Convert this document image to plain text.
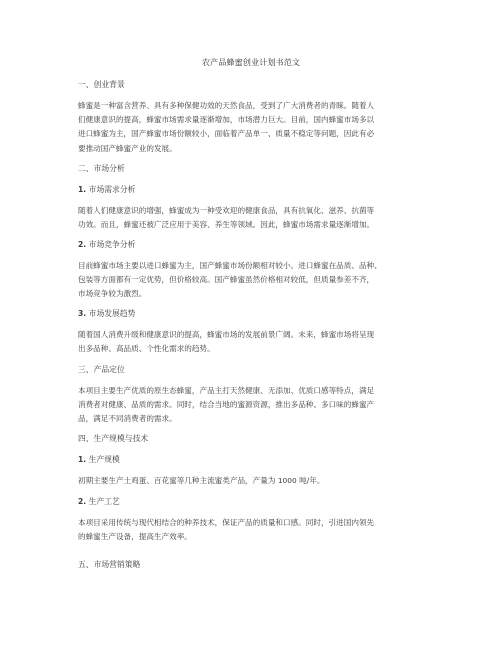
农产品蜂蜜创业计划书范文
一、创业背景
蜂蜜是一种富含营养、具有多种保健功效的天然食品，受到了广大消费者的青睐。随着人
们健康意识的提高，蜂蜜市场需求量逐渐增加，市场潜力巨大。目前，国内蜂蜜市场多以
进口蜂蜜为主，国产蜂蜜市场份额较小，面临着产品单一、质量不稳定等问题，因此有必
要推动国产蜂蜜产业的发展。
二、市场分析
1. 市场需求分析
随着人们健康意识的增强，蜂蜜成为一种受欢迎的健康食品，具有抗氧化、滋养、抗菌等
功效。而且，蜂蜜还被广泛应用于美容、养生等领域。因此，蜂蜜市场需求量逐渐增加。
2. 市场竞争分析
目前蜂蜜市场主要以进口蜂蜜为主，国产蜂蜜市场份额相对较小。进口蜂蜜在品质、品种、
包装等方面都有一定优势，但价格较高。国产蜂蜜虽然价格相对较低，但质量参差不齐，
市场竞争较为激烈。
3. 市场发展趋势
随着国人消费升级和健康意识的提高，蜂蜜市场的发展前景广阔。未来，蜂蜜市场将呈现
出多品种、高品质、个性化需求的趋势。
三、产品定位
本项目主要生产优质的原生态蜂蜜，产品主打天然健康、无添加、优质口感等特点，满足
消费者对健康、品质的需求。同时，结合当地的蜜源资源，推出多品种、多口味的蜂蜜产
品，满足不同消费者的需求。
四、生产规模与技术
1. 生产规模
初期主要生产土鸡蛋、百花蜜等几种主流蜜类产品，产量为 1000 吨/年。
2. 生产工艺
本项目采用传统与现代相结合的种养技术，保证产品的质量和口感。同时，引进国内领先
的蜂蜜生产设备，提高生产效率。
五、市场营销策略
